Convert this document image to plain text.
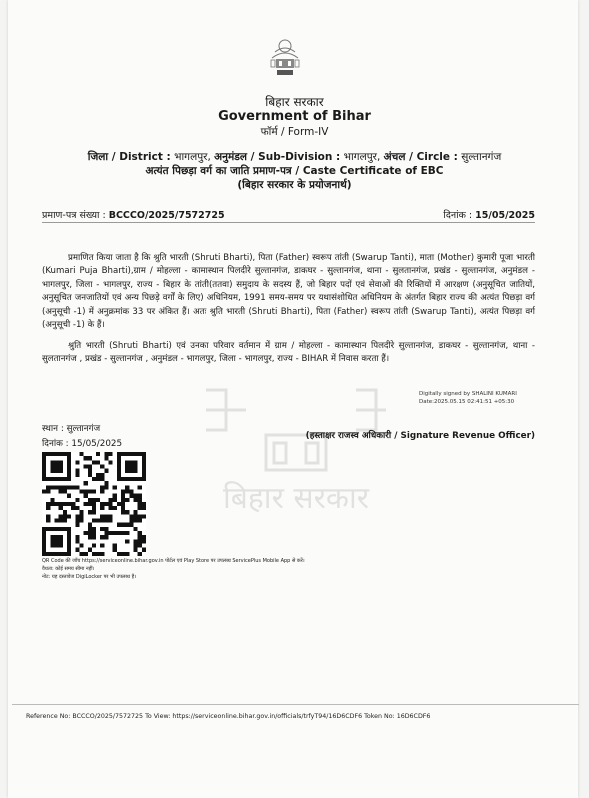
बिहार सरकार
Government of Bihar
फॉर्म / Form-IV
जिला / District : भागलपुर, अनुमंडल / Sub-Division : भागलपुर, अंचल / Circle : सुल्तानगंज
अत्यंत पिछड़ा वर्ग का जाति प्रमाण-पत्र / Caste Certificate of EBC
(बिहार सरकार के प्रयोजनार्थ)
प्रमाण-पत्र संख्या : BCCCO/2025/7572725	दिनांक : 15/05/2025
प्रमाणित किया जाता है कि श्रुति भारती (Shruti Bharti), पिता (Father) स्वरूप तांती (Swarup Tanti), माता (Mother) कुमारी पूजा भारती (Kumari Puja Bharti),ग्राम / मोहल्ला - कामास्थान पिलदीरे सुल्तानगंज, डाकघर - सुल्तानगंज, थाना - सुलतानगंज, प्रखंड - सुल्तानगंज, अनुमंडल - भागलपुर, जिला - भागलपुर, राज्य - बिहार के तांती(ततवा) समुदाय के सदस्य हैं, जो बिहार पदों एवं सेवाओं की रिक्तियों में आरक्षण (अनुसूचित जातियों, अनुसूचित जनजातियों एवं अन्य पिछड़े वर्गों के लिए) अधिनियम, 1991 समय-समय पर यथासंशोधित अधिनियम के अंतर्गत बिहार राज्य की अत्यंत पिछड़ा वर्ग (अनुसूची -1) में अनुक्रमांक 33 पर अंकित हैं। अतः श्रुति भारती (Shruti Bharti), पिता (Father) स्वरूप तांती (Swarup Tanti), अत्यंत पिछड़ा वर्ग (अनुसूची -1) के हैं।
श्रुति भारती (Shruti Bharti) एवं उनका परिवार वर्तमान में ग्राम / मोहल्ला - कामास्थान पिलदीरे सुल्तानगंज, डाकघर - सुल्तानगंज, थाना - सुलतानगंज , प्रखंड - सुल्तानगंज , अनुमंडल - भागलपुर, जिला - भागलपुर, राज्य - BIHAR में निवास करता हैं।
बिहार सरकार
Digitally signed by SHALINI KUMARI
Date:2025.05.15 02:41:51 +05:30
स्थान : सुल्तानगंज
दिनांक : 15/05/2025
(हस्ताक्षर राजस्व अधिकारी / Signature Revenue Officer)
QR Code की जाँच https://serviceonline.bihar.gov.in पोर्टल एवं Play Store पर उपलब्ध ServicePlus Mobile App से करें।
वैधता: कोई समय सीमा नहीं।
नोट: यह दस्तावेज DigiLocker पर भी उपलब्ध है।
Reference No: BCCCO/2025/7572725 To View: https://serviceonline.bihar.gov.in/officials/trfyT94/16D6CDF6 Token No: 16D6CDF6
